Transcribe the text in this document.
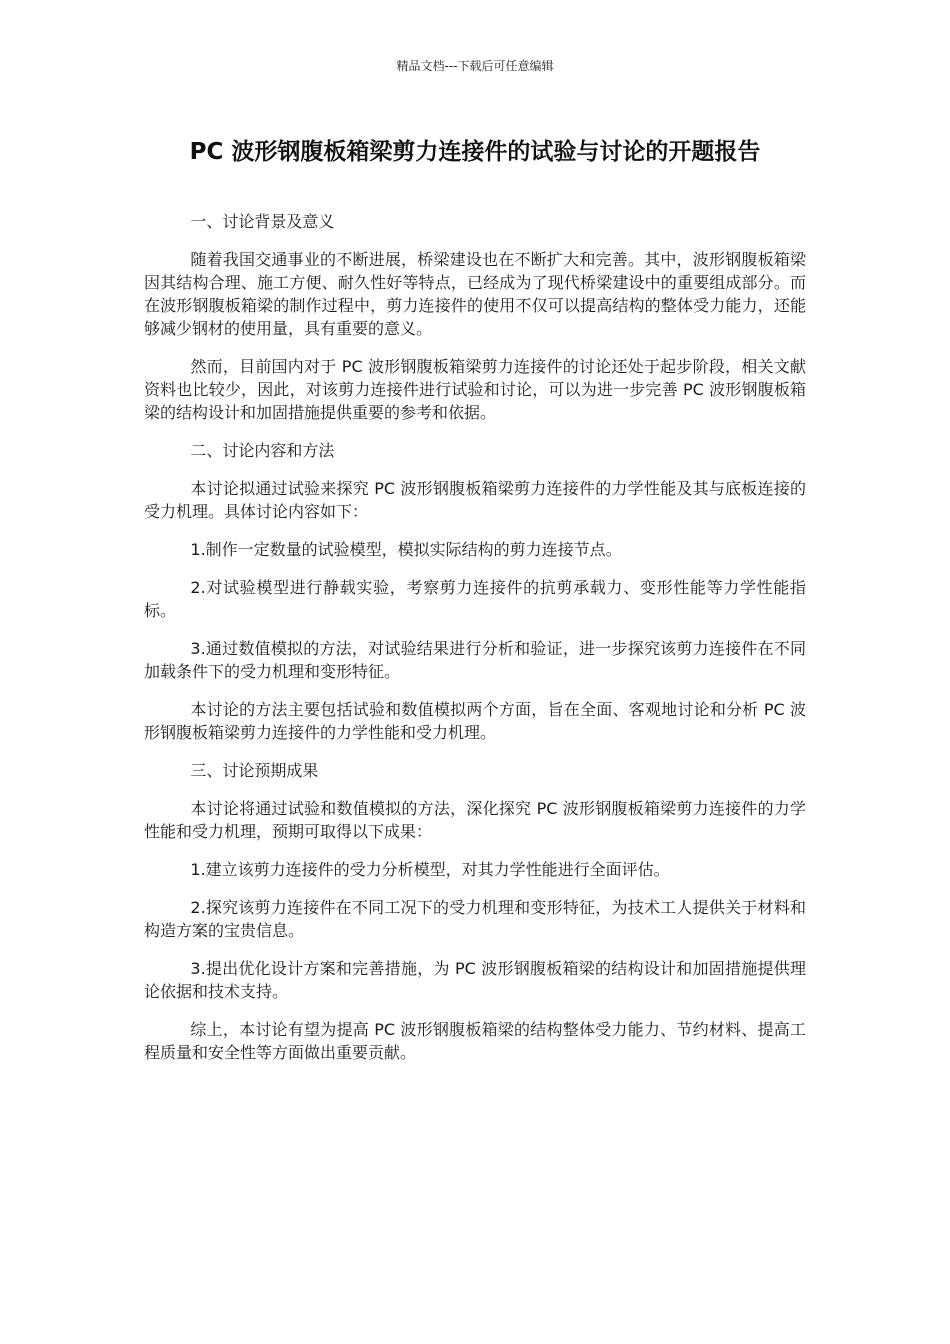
精品文档---下载后可任意编辑
PC 波形钢腹板箱梁剪力连接件的试验与讨论的开题报告

一、讨论背景及意义

随着我国交通事业的不断进展，桥梁建设也在不断扩大和完善。其中，波形钢腹板箱梁因其结构合理、施工方便、耐久性好等特点，已经成为了现代桥梁建设中的重要组成部分。而在波形钢腹板箱梁的制作过程中，剪力连接件的使用不仅可以提高结构的整体受力能力，还能够减少钢材的使用量，具有重要的意义。

然而，目前国内对于 PC 波形钢腹板箱梁剪力连接件的讨论还处于起步阶段，相关文献资料也比较少，因此，对该剪力连接件进行试验和讨论，可以为进一步完善 PC 波形钢腹板箱梁的结构设计和加固措施提供重要的参考和依据。

二、讨论内容和方法

本讨论拟通过试验来探究 PC 波形钢腹板箱梁剪力连接件的力学性能及其与底板连接的受力机理。具体讨论内容如下：

1.制作一定数量的试验模型，模拟实际结构的剪力连接节点。

2.对试验模型进行静载实验，考察剪力连接件的抗剪承载力、变形性能等力学性能指标。

3.通过数值模拟的方法，对试验结果进行分析和验证，进一步探究该剪力连接件在不同加载条件下的受力机理和变形特征。

本讨论的方法主要包括试验和数值模拟两个方面，旨在全面、客观地讨论和分析 PC 波形钢腹板箱梁剪力连接件的力学性能和受力机理。

三、讨论预期成果

本讨论将通过试验和数值模拟的方法，深化探究 PC 波形钢腹板箱梁剪力连接件的力学性能和受力机理，预期可取得以下成果：

1.建立该剪力连接件的受力分析模型，对其力学性能进行全面评估。

2.探究该剪力连接件在不同工况下的受力机理和变形特征，为技术工人提供关于材料和构造方案的宝贵信息。

3.提出优化设计方案和完善措施，为 PC 波形钢腹板箱梁的结构设计和加固措施提供理论依据和技术支持。

综上，本讨论有望为提高 PC 波形钢腹板箱梁的结构整体受力能力、节约材料、提高工程质量和安全性等方面做出重要贡献。
